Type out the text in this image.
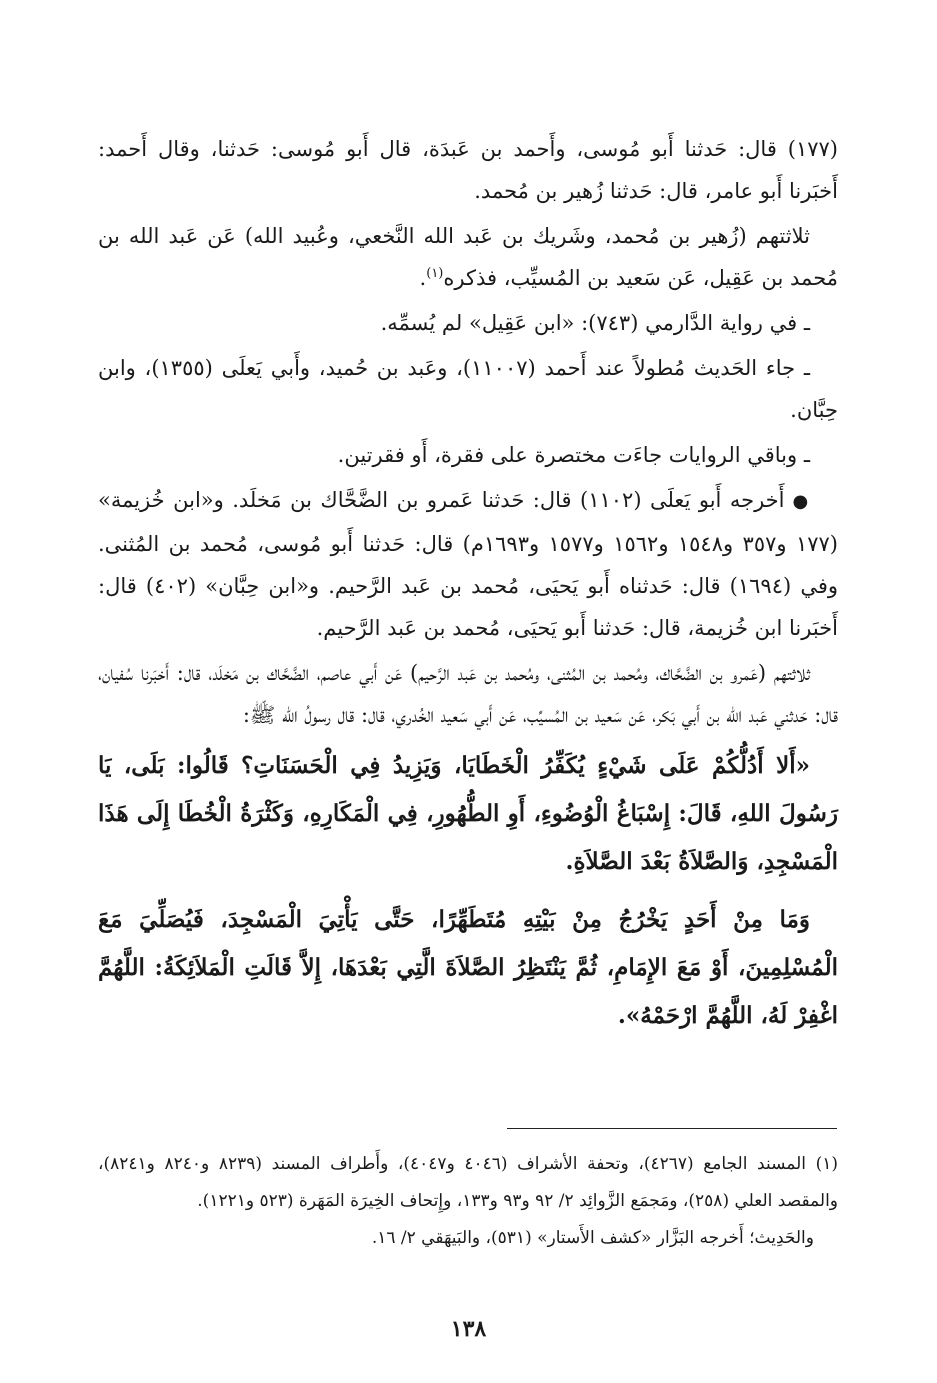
(١٧٧) قال: حَدثنا أَبو مُوسى، وأَحمد بن عَبدَة، قال أَبو مُوسى: حَدثنا، وقال أَحمد: أَخبَرنا أَبو عامر، قال: حَدثنا زُهير بن مُحمد.

ثلاثتهم (زُهير بن مُحمد، وشَريك بن عَبد الله النَّخعي، وعُبيد الله) عَن عَبد الله بن مُحمد بن عَقِيل، عَن سَعيد بن المُسيِّب، فذكره$^{(١)}$.

ـ في رواية الدَّارمي (٧٤٣): «ابن عَقِيل» لم يُسمِّه.

ـ جاء الحَديث مُطولاً عند أَحمد (١١٠٠٧)، وعَبد بن حُميد، وأَبي يَعلَى (١٣٥٥)، وابن حِبَّان.

ـ وباقي الروايات جاءَت مختصرة على فقرة، أَو فقرتين.

●أَخرجه أَبو يَعلَى (١١٠٢) قال: حَدثنا عَمرو بن الضَّحَّاك بن مَخلَد. و«ابن خُزيمة» (١٧٧ و٣٥٧ و١٥٤٨ و١٥٦٢ و١٥٧٧ و١٦٩٣م) قال: حَدثنا أَبو مُوسى، مُحمد بن المُثنى. وفي (١٦٩٤) قال: حَدثناه أَبو يَحيَى، مُحمد بن عَبد الرَّحيم. و«ابن حِبَّان» (٤٠٢) قال: أَخبَرنا ابن خُزيمة، قال: حَدثنا أَبو يَحيَى، مُحمد بن عَبد الرَّحيم.

ثلاثتهم (عَمرو بن الضَّحَّاك، ومُحمد بن المُثنى، ومُحمد بن عَبد الرَّحيم) عَن أَبي عاصم، الضَّحَّاك بن مَخلَد، قال: أَخبَرنا سُفيان، قال: حَدثني عَبد الله بن أَبي بَكر، عَن سَعيد بن المُسيِّب، عَن أَبي سَعيد الخُدري، قال: قال رسولُ الله ﷺ:

«أَلا أَدُلُّكُمْ عَلَى شَيْءٍ يُكَفِّرُ الْخَطَايَا، وَيَزِيدُ فِي الْحَسَنَاتِ؟ قَالُوا: بَلَى، يَا رَسُولَ اللهِ، قَالَ: إِسْبَاغُ الْوُضُوءِ، أَوِ الطُّهُورِ، فِي الْمَكَارِهِ، وَكَثْرَةُ الْخُطَا إِلَى هَذَا الْمَسْجِدِ، وَالصَّلاَةُ بَعْدَ الصَّلاَةِ.

وَمَا مِنْ أَحَدٍ يَخْرُجُ مِنْ بَيْتِهِ مُتَطَهِّرًا، حَتَّى يَأْتِيَ الْمَسْجِدَ، فَيُصَلِّيَ مَعَ الْمُسْلِمِينَ، أَوْ مَعَ الإِمَامِ، ثُمَّ يَنْتَظِرُ الصَّلاَةَ الَّتِي بَعْدَهَا، إِلاَّ قَالَتِ الْمَلاَئِكَةُ: اللَّهُمَّ اغْفِرْ لَهُ، اللَّهُمَّ ارْحَمْهُ».

(١) المسند الجامع (٤٢٦٧)، وتحفة الأشراف (٤٠٤٦ و٤٠٤٧)، وأَطراف المسند (٨٢٣٩ و٨٢٤٠ و٨٢٤١)، والمقصد العلي (٢٥٨)، ومَجمَع الزَّوائِد ٢/ ٩٢ و٩٣ و١٣٣، وإِتحاف الخِيرَة المَهَرة (٥٢٣ و١٢٢١).

والحَدِيث؛ أَخرجه البَزَّار «كشف الأَستار» (٥٣١)، والبَيهَقي ٢/ ١٦.

١٣٨
